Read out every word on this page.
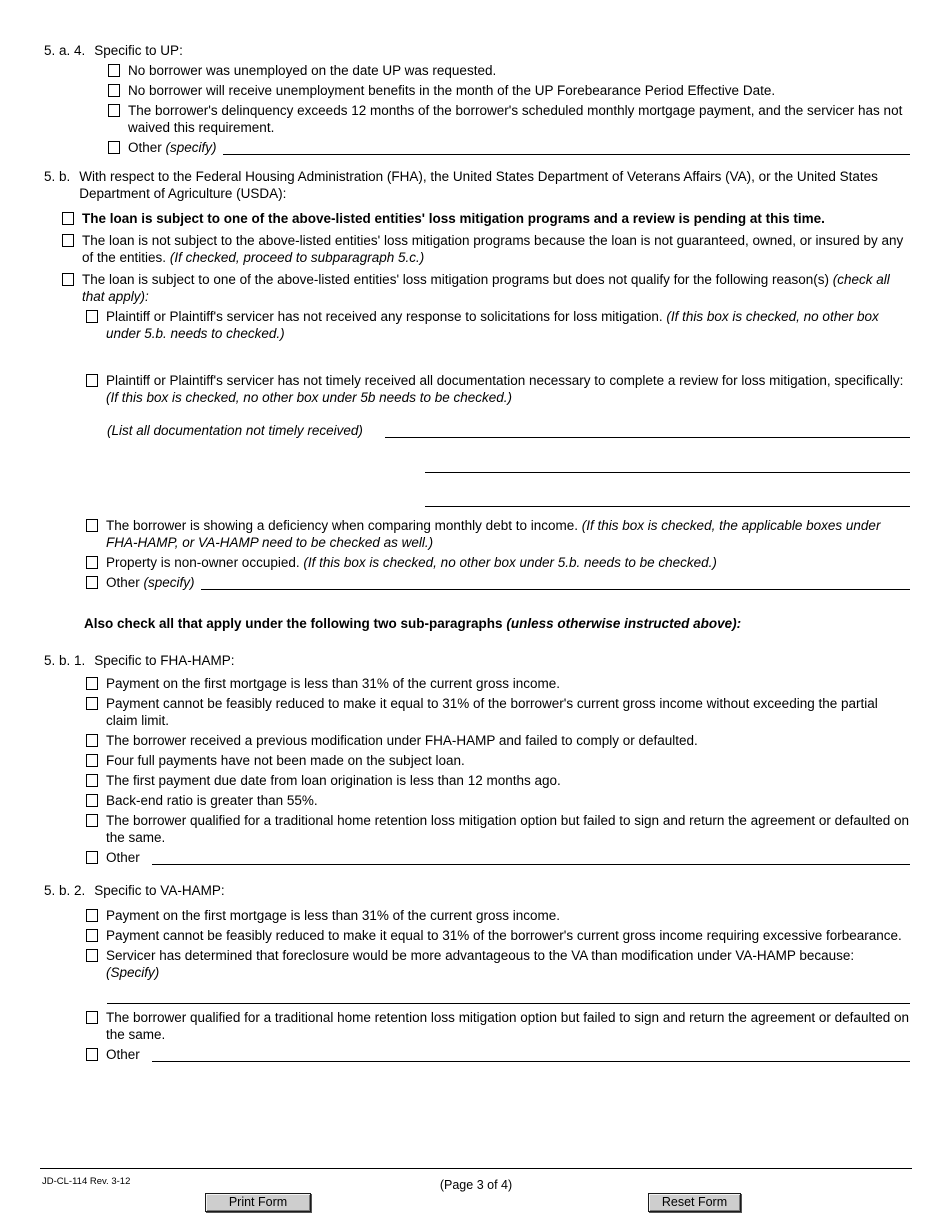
5. a. 4. Specific to UP:
No borrower was unemployed on the date UP was requested.
No borrower will receive unemployment benefits in the month of the UP Forebearance Period Effective Date.
The borrower's delinquency exceeds 12 months of the borrower's scheduled monthly mortgage payment, and the servicer has not waived this requirement.
Other
(specify)
5. b. With respect to the Federal Housing Administration (FHA), the United States Department of Veterans Affairs (VA), or the United States Department of Agriculture (USDA):
The loan is subject to one of the above-listed entities' loss mitigation programs and a review is pending at this time.
The loan is not subject to the above-listed entities' loss mitigation programs because the loan is not guaranteed, owned, or insured by any of the entities. (If checked, proceed to subparagraph 5.c.)
The loan is subject to one of the above-listed entities' loss mitigation programs but does not qualify for the following reason(s) (check all that apply):
Plaintiff or Plaintiff's servicer has not received any response to solicitations for loss mitigation. (If this box is checked, no other box under 5.b. needs to checked.)
Plaintiff or Plaintiff's servicer has not timely received all documentation necessary to complete a review for loss mitigation, specifically: (If this box is checked, no other box under 5b needs to be checked.)
(List all documentation not timely received)
The borrower is showing a deficiency when comparing monthly debt to income. (If this box is checked, the applicable boxes under FHA-HAMP, or VA-HAMP need to be checked as well.)
Property is non-owner occupied. (If this box is checked, no other box under 5.b. needs to be checked.)
Other
(specify)
Also check all that apply under the following two sub-paragraphs (unless otherwise instructed above):
5. b. 1. Specific to FHA-HAMP:
Payment on the first mortgage is less than 31% of the current gross income.
Payment cannot be feasibly reduced to make it equal to 31% of the borrower's current gross income without exceeding the partial claim limit.
The borrower received a previous modification under FHA-HAMP and failed to comply or defaulted.
Four full payments have not been made on the subject loan.
The first payment due date from loan origination is less than 12 months ago.
Back-end ratio is greater than 55%.
The borrower qualified for a traditional home retention loss mitigation option but failed to sign and return the agreement or defaulted on the same.
Other
5. b. 2. Specific to VA-HAMP:
Payment on the first mortgage is less than 31% of the current gross income.
Payment cannot be feasibly reduced to make it equal to 31% of the borrower's current gross income requiring excessive forbearance.
Servicer has determined that foreclosure would be more advantageous to the VA than modification under VA-HAMP because: (Specify)
The borrower qualified for a traditional home retention loss mitigation option but failed to sign and return the agreement or defaulted on the same.
Other
JD-CL-114 Rev. 3-12	(Page 3 of 4)
Print Form	Reset Form
